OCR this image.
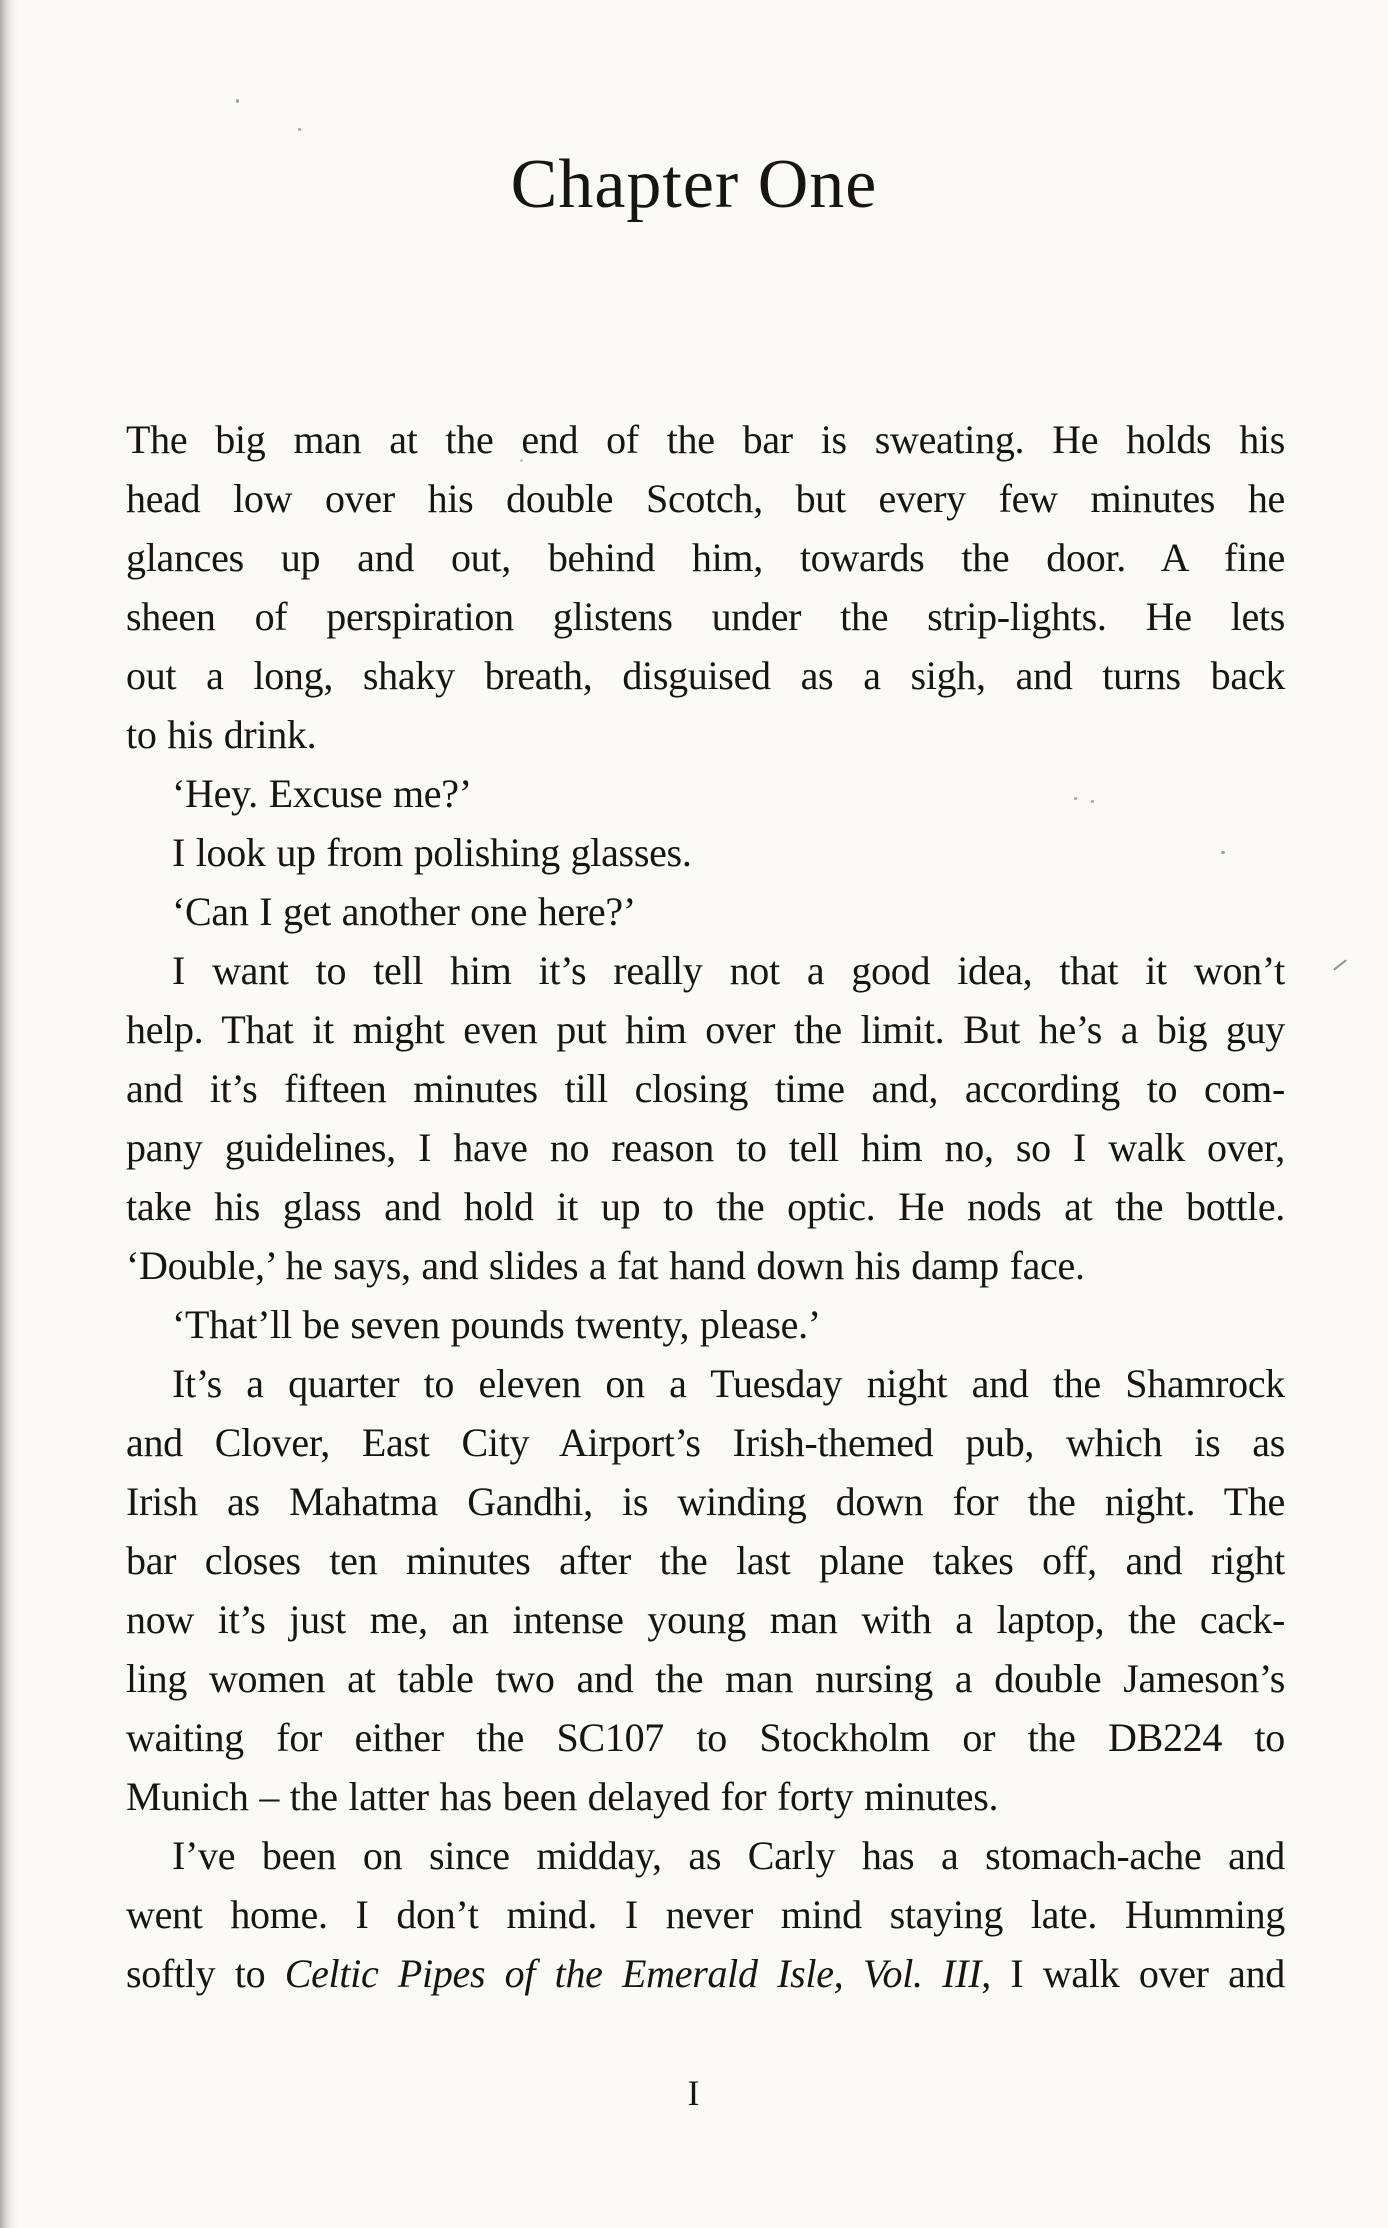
Chapter One
The big man at the end of the bar is sweating. He holds his
head low over his double Scotch, but every few minutes he
glances up and out, behind him, towards the door. A fine
sheen of perspiration glistens under the strip-lights. He lets
out a long, shaky breath, disguised as a sigh, and turns back
to his drink.
‘Hey. Excuse me?’
I look up from polishing glasses.
‘Can I get another one here?’
I want to tell him it’s really not a good idea, that it won’t
help. That it might even put him over the limit. But he’s a big guy
and it’s fifteen minutes till closing time and, according to com-
pany guidelines, I have no reason to tell him no, so I walk over,
take his glass and hold it up to the optic. He nods at the bottle.
‘Double,’ he says, and slides a fat hand down his damp face.
‘That’ll be seven pounds twenty, please.’
It’s a quarter to eleven on a Tuesday night and the Shamrock
and Clover, East City Airport’s Irish-themed pub, which is as
Irish as Mahatma Gandhi, is winding down for the night. The
bar closes ten minutes after the last plane takes off, and right
now it’s just me, an intense young man with a laptop, the cack-
ling women at table two and the man nursing a double Jameson’s
waiting for either the SC107 to Stockholm or the DB224 to
Munich – the latter has been delayed for forty minutes.
I’ve been on since midday, as Carly has a stomach-ache and
went home. I don’t mind. I never mind staying late. Humming
softly to Celtic Pipes of the Emerald Isle, Vol. III, I walk over and
I
